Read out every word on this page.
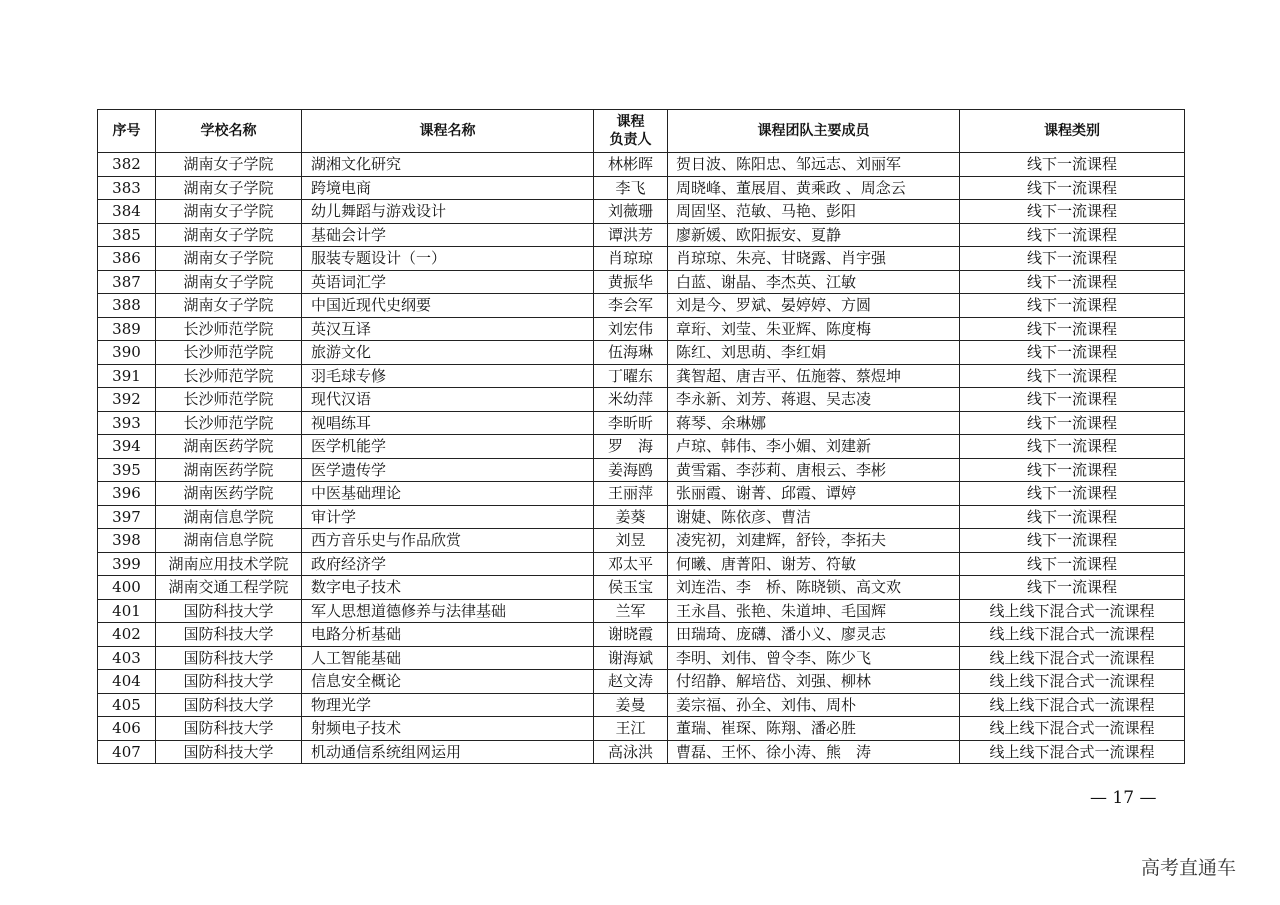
序号	学校名称	课程名称	课程
负责人	课程团队主要成员	课程类别
382	湖南女子学院	湖湘文化研究	林彬晖	贺日波、陈阳忠、邹远志、刘丽军	线下一流课程
383	湖南女子学院	跨境电商	李飞	周晓峰、董展眉、黄乘政 、周念云	线下一流课程
384	湖南女子学院	幼儿舞蹈与游戏设计	刘薇珊	周固坚、范敏、马艳、彭阳	线下一流课程
385	湖南女子学院	基础会计学	谭洪芳	廖新媛、欧阳振安、夏静	线下一流课程
386	湖南女子学院	服装专题设计（一）	肖琼琼	肖琼琼、朱亮、甘晓露、肖宇强	线下一流课程
387	湖南女子学院	英语词汇学	黄振华	白蓝、谢晶、李杰英、江敏	线下一流课程
388	湖南女子学院	中国近现代史纲要	李会军	刘是今、罗斌、晏婷婷、方圆	线下一流课程
389	长沙师范学院	英汉互译	刘宏伟	章珩、刘莹、朱亚辉、陈度梅	线下一流课程
390	长沙师范学院	旅游文化	伍海琳	陈红、刘思萌、李红娟	线下一流课程
391	长沙师范学院	羽毛球专修	丁曜东	龚智超、唐吉平、伍施蓉、蔡煜坤	线下一流课程
392	长沙师范学院	现代汉语	米幼萍	李永新、刘芳、蒋遐、吴志凌	线下一流课程
393	长沙师范学院	视唱练耳	李昕昕	蒋琴、余琳娜	线下一流课程
394	湖南医药学院	医学机能学	罗　海	卢琼、韩伟、李小媚、刘建新	线下一流课程
395	湖南医药学院	医学遗传学	姜海鸥	黄雪霜、李莎莉、唐根云、李彬	线下一流课程
396	湖南医药学院	中医基础理论	王丽萍	张丽霞、谢菁、邱霞、谭婷	线下一流课程
397	湖南信息学院	审计学	姜葵	谢婕、陈依彦、曹洁	线下一流课程
398	湖南信息学院	西方音乐史与作品欣赏	刘昱	凌宪初，刘建辉，舒铃，李拓夫	线下一流课程
399	湖南应用技术学院	政府经济学	邓太平	何曦、唐菁阳、谢芳、符敏	线下一流课程
400	湖南交通工程学院	数字电子技术	侯玉宝	刘连浩、李　桥、陈晓锁、高文欢	线下一流课程
401	国防科技大学	军人思想道德修养与法律基础	兰军	王永昌、张艳、朱道坤、毛国辉	线上线下混合式一流课程
402	国防科技大学	电路分析基础	谢晓霞	田瑞琦、庞礴、潘小义、廖灵志	线上线下混合式一流课程
403	国防科技大学	人工智能基础	谢海斌	李明、刘伟、曾令李、陈少飞	线上线下混合式一流课程
404	国防科技大学	信息安全概论	赵文涛	付绍静、解培岱、刘强、柳林	线上线下混合式一流课程
405	国防科技大学	物理光学	姜曼	姜宗福、孙全、刘伟、周朴	线上线下混合式一流课程
406	国防科技大学	射频电子技术	王江	董瑞、崔琛、陈翔、潘必胜	线上线下混合式一流课程
407	国防科技大学	机动通信系统组网运用	高泳洪	曹磊、王怀、徐小涛、熊　涛	线上线下混合式一流课程
— 17 —
高考直通车
